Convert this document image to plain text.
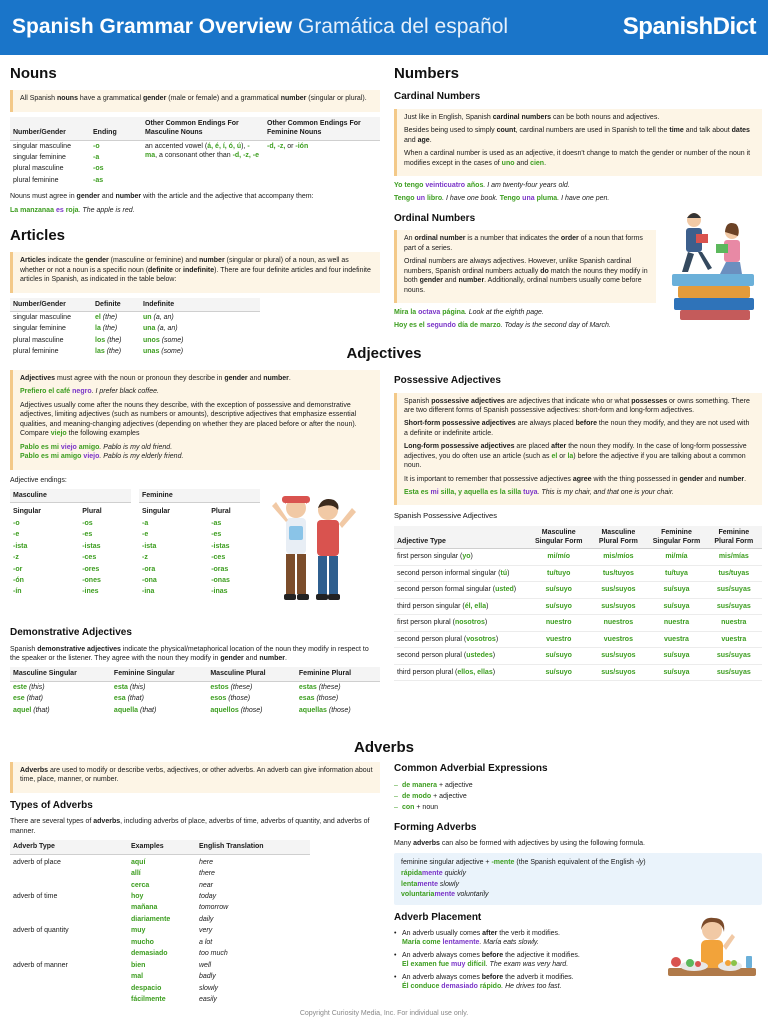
Spanish Grammar Overview Gramática del español	SpanishDict
Nouns

All Spanish nouns have a grammatical gender (male or female) and a grammatical number (singular or plural).

Number/Gender	Ending	Other Common Endings For Masculine Nouns	Other Common Endings For Feminine Nouns
singular masculine	-o	an accented vowel (á, é, í, ó, ú), -ma, a consonant other than -d, -z, -e	-d, -z, or -ión
singular feminine	-a		
plural masculine	-os		
plural feminine	-as		

Nouns must agree in gender and number with the article and the adjective that accompany them:

La manzanaa es roja. The apple is red.

Articles

Articles indicate the gender (masculine or feminine) and number (singular or plural) of a noun, as well as whether or not a noun is a specific noun (definite or indefinite). There are four definite articles and four indefinite articles in Spanish, as indicated in the table below:

Number/Gender	Definite	Indefinite
singular masculine	el (the)	un (a, an)
singular feminine	la (the)	una (a, an)
plural masculine	los (the)	unos (some)
plural feminine	las (the)	unas (some)
Numbers
Cardinal Numbers

Just like in English, Spanish cardinal numbers can be both nouns and adjectives.

Besides being used to simply count, cardinal numbers are used in Spanish to tell the time and talk about dates and age.

When a cardinal number is used as an adjective, it doesn't change to match the gender or number of the noun it modifies except in the cases of uno and cien.

Yo tengo veinticuatro años. I am twenty-four years old.

Tengo un libro. I have one book. Tengo una pluma. I have one pen.

Ordinal Numbers

An ordinal number is a number that indicates the order of a noun that forms part of a series.

Ordinal numbers are always adjectives. However, unlike Spanish cardinal numbers, Spanish ordinal numbers actually do match the nouns they modify in both gender and number. Additionally, ordinal numbers usually come before nouns.

Mira la octava página. Look at the eighth page.

Hoy es el segundo día de marzo. Today is the second day of March.

Adjectives

Adjectives must agree with the noun or pronoun they describe in gender and number.

Prefiero el café negro. I prefer black coffee.

Adjectives usually come after the nouns they describe, with the exception of possessive and demonstrative adjectives, limiting adjectives (such as numbers or amounts), descriptive adjectives that emphasize essential qualities, and meaning-changing adjectives (depending on whether they are placed before or after the noun). Compare viejo the following examples

Pablo es mi viejo amigo. Pablo is my old friend.
Pablo es mi amigo viejo. Pablo is my elderly friend.

Adjective endings:

Masculine	
Singular	Plural
-o	-os
-e	-es
-ista	-istas
-z	-ces
-or	-ores
-ón	-ones
-ín	-ines
Feminine	
Singular	Plural
-a	-as
-e	-es
-ista	-istas
-z	-ces
-ora	-oras
-ona	-onas
-ina	-inas
Demonstrative Adjectives

Spanish demonstrative adjectives indicate the physical/metaphorical location of the noun they modify in respect to the speaker or the listener. They agree with the noun they modify in gender and number.

Masculine Singular	Feminine Singular	Masculine Plural	Feminine Plural
este (this)	esta (this)	estos (these)	estas (these)
ese (that)	esa (that)	esos (those)	esas (those)
aquel (that)	aquella (that)	aquellos (those)	aquellas (those)
Possessive Adjectives

Spanish possessive adjectives are adjectives that indicate who or what possesses or owns something. There are two different forms of Spanish possessive adjectives: short-form and long-form adjectives.

Short-form possessive adjectives are always placed before the noun they modify, and they are not used with a definite or indefinite article.

Long-form possessive adjectives are placed after the noun they modify. In the case of long-form possessive adjectives, you do often use an article (such as el or la) before the adjective if you are talking about a common noun.

It is important to remember that possessive adjectives agree with the thing possessed in gender and number.

Esta es mi silla, y aquella es la silla tuya. This is my chair, and that one is your chair.

Spanish Possessive Adjectives
Adjective Type	Masculine Singular Form	Masculine Plural Form	Feminine Singular Form	Feminine Plural Form
first person singular (yo)	mi/mío	mis/míos	mi/mía	mis/mías
second person informal singular (tú)	tu/tuyo	tus/tuyos	tu/tuya	tus/tuyas
second person formal singular (usted)	su/suyo	sus/suyos	su/suya	sus/suyas
third person singular (él, ella)	su/suyo	sus/suyos	su/suya	sus/suyas
first person plural (nosotros)	nuestro	nuestros	nuestra	nuestra
second person plural (vosotros)	vuestro	vuestros	vuestra	vuestra
second person plural (ustedes)	su/suyo	sus/suyos	su/suya	sus/suyas
third person plural (ellos, ellas)	su/suyo	sus/suyos	su/suya	sus/suyas
Adverbs

Adverbs are used to modify or describe verbs, adjectives, or other adverbs. An adverb can give information about time, place, manner, or number.

Types of Adverbs

There are several types of adverbs, including adverbs of place, adverbs of time, adverbs of quantity, and adverbs of manner.

Adverb Type	Examples	English Translation
adverb of place	aquí	here
	allí	there
	cerca	near
adverb of time	hoy	today
	mañana	tomorrow
	diariamente	daily
adverb of quantity	muy	very
	mucho	a lot
	demasiado	too much
adverb of manner	bien	well
	mal	badly
	despacio	slowly
	fácilmente	easily
Common Adverbial Expressions
– de manera + adjective
– de modo + adjective
– con + noun
Forming Adverbs

Many adverbs can also be formed with adjectives by using the following formula.

feminine singular adjective + -mente (the Spanish equivalent of the English -ly)

rápidamente quickly

lentamente slowly

voluntariamente voluntarily

Adverb Placement
• An adverb usually comes after the verb it modifies.
María come lentamente. María eats slowly.
• An adverb always comes before the adjective it modifies.
El examen fue muy difícil. The exam was very hard.
• An adverb always comes before the adverb it modifies.
Él conduce demasiado rápido. He drives too fast.
Copyright Curiosity Media, Inc. For individual use only.
